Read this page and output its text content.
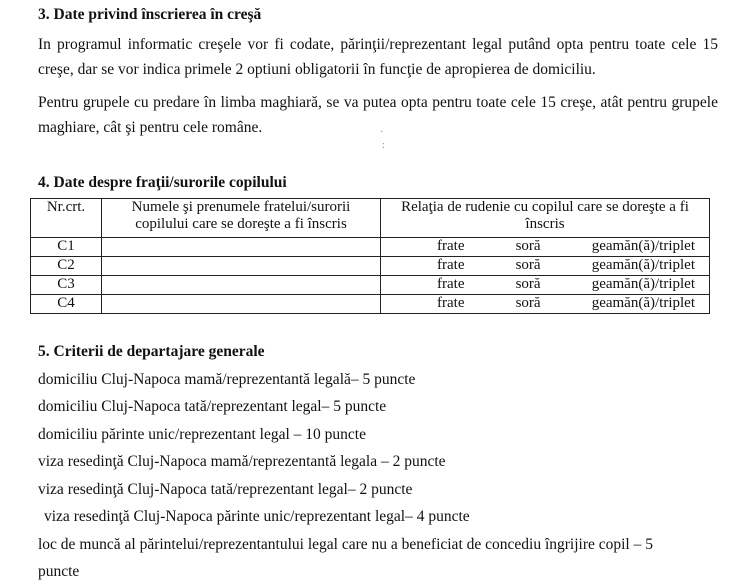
3. Date privind înscrierea în creşă
In programul informatic creşele vor fi codate, părinţii/reprezentant legal putând opta pentru toate cele 15 creşe, dar se vor indica primele 2 optiuni obligatorii în funcţie de apropierea de domiciliu.
Pentru grupele cu predare în limba maghiară, se va putea opta pentru toate cele 15 creşe, atât pentru grupele maghiare, cât şi pentru cele române.	·
:
4. Date despre fraţii/surorile copilului
Nr.crt.	Numele şi prenumele fratelui/surorii copilului care se doreşte a fi înscris	Relaţia de rudenie cu copilul care se doreşte a fi înscris
C1		frate soră geamăn(ă)/triplet

C2		frate soră geamăn(ă)/triplet

C3		frate soră geamăn(ă)/triplet

C4		frate soră geamăn(ă)/triplet
5. Criterii de departajare generale
domiciliu Cluj-Napoca mamă/reprezentantă legală– 5 puncte
domiciliu Cluj-Napoca tată/reprezentant legal– 5 puncte
domiciliu părinte unic/reprezentant legal – 10 puncte
viza resedinţă Cluj-Napoca mamă/reprezentantă legala – 2 puncte
viza resedinţă Cluj-Napoca tată/reprezentant legal– 2 puncte
viza resedinţă Cluj-Napoca părinte unic/reprezentant legal– 4 puncte
loc de muncă al părintelui/reprezentantului legal care nu a beneficiat de concediu îngrijire copil – 5
puncte
